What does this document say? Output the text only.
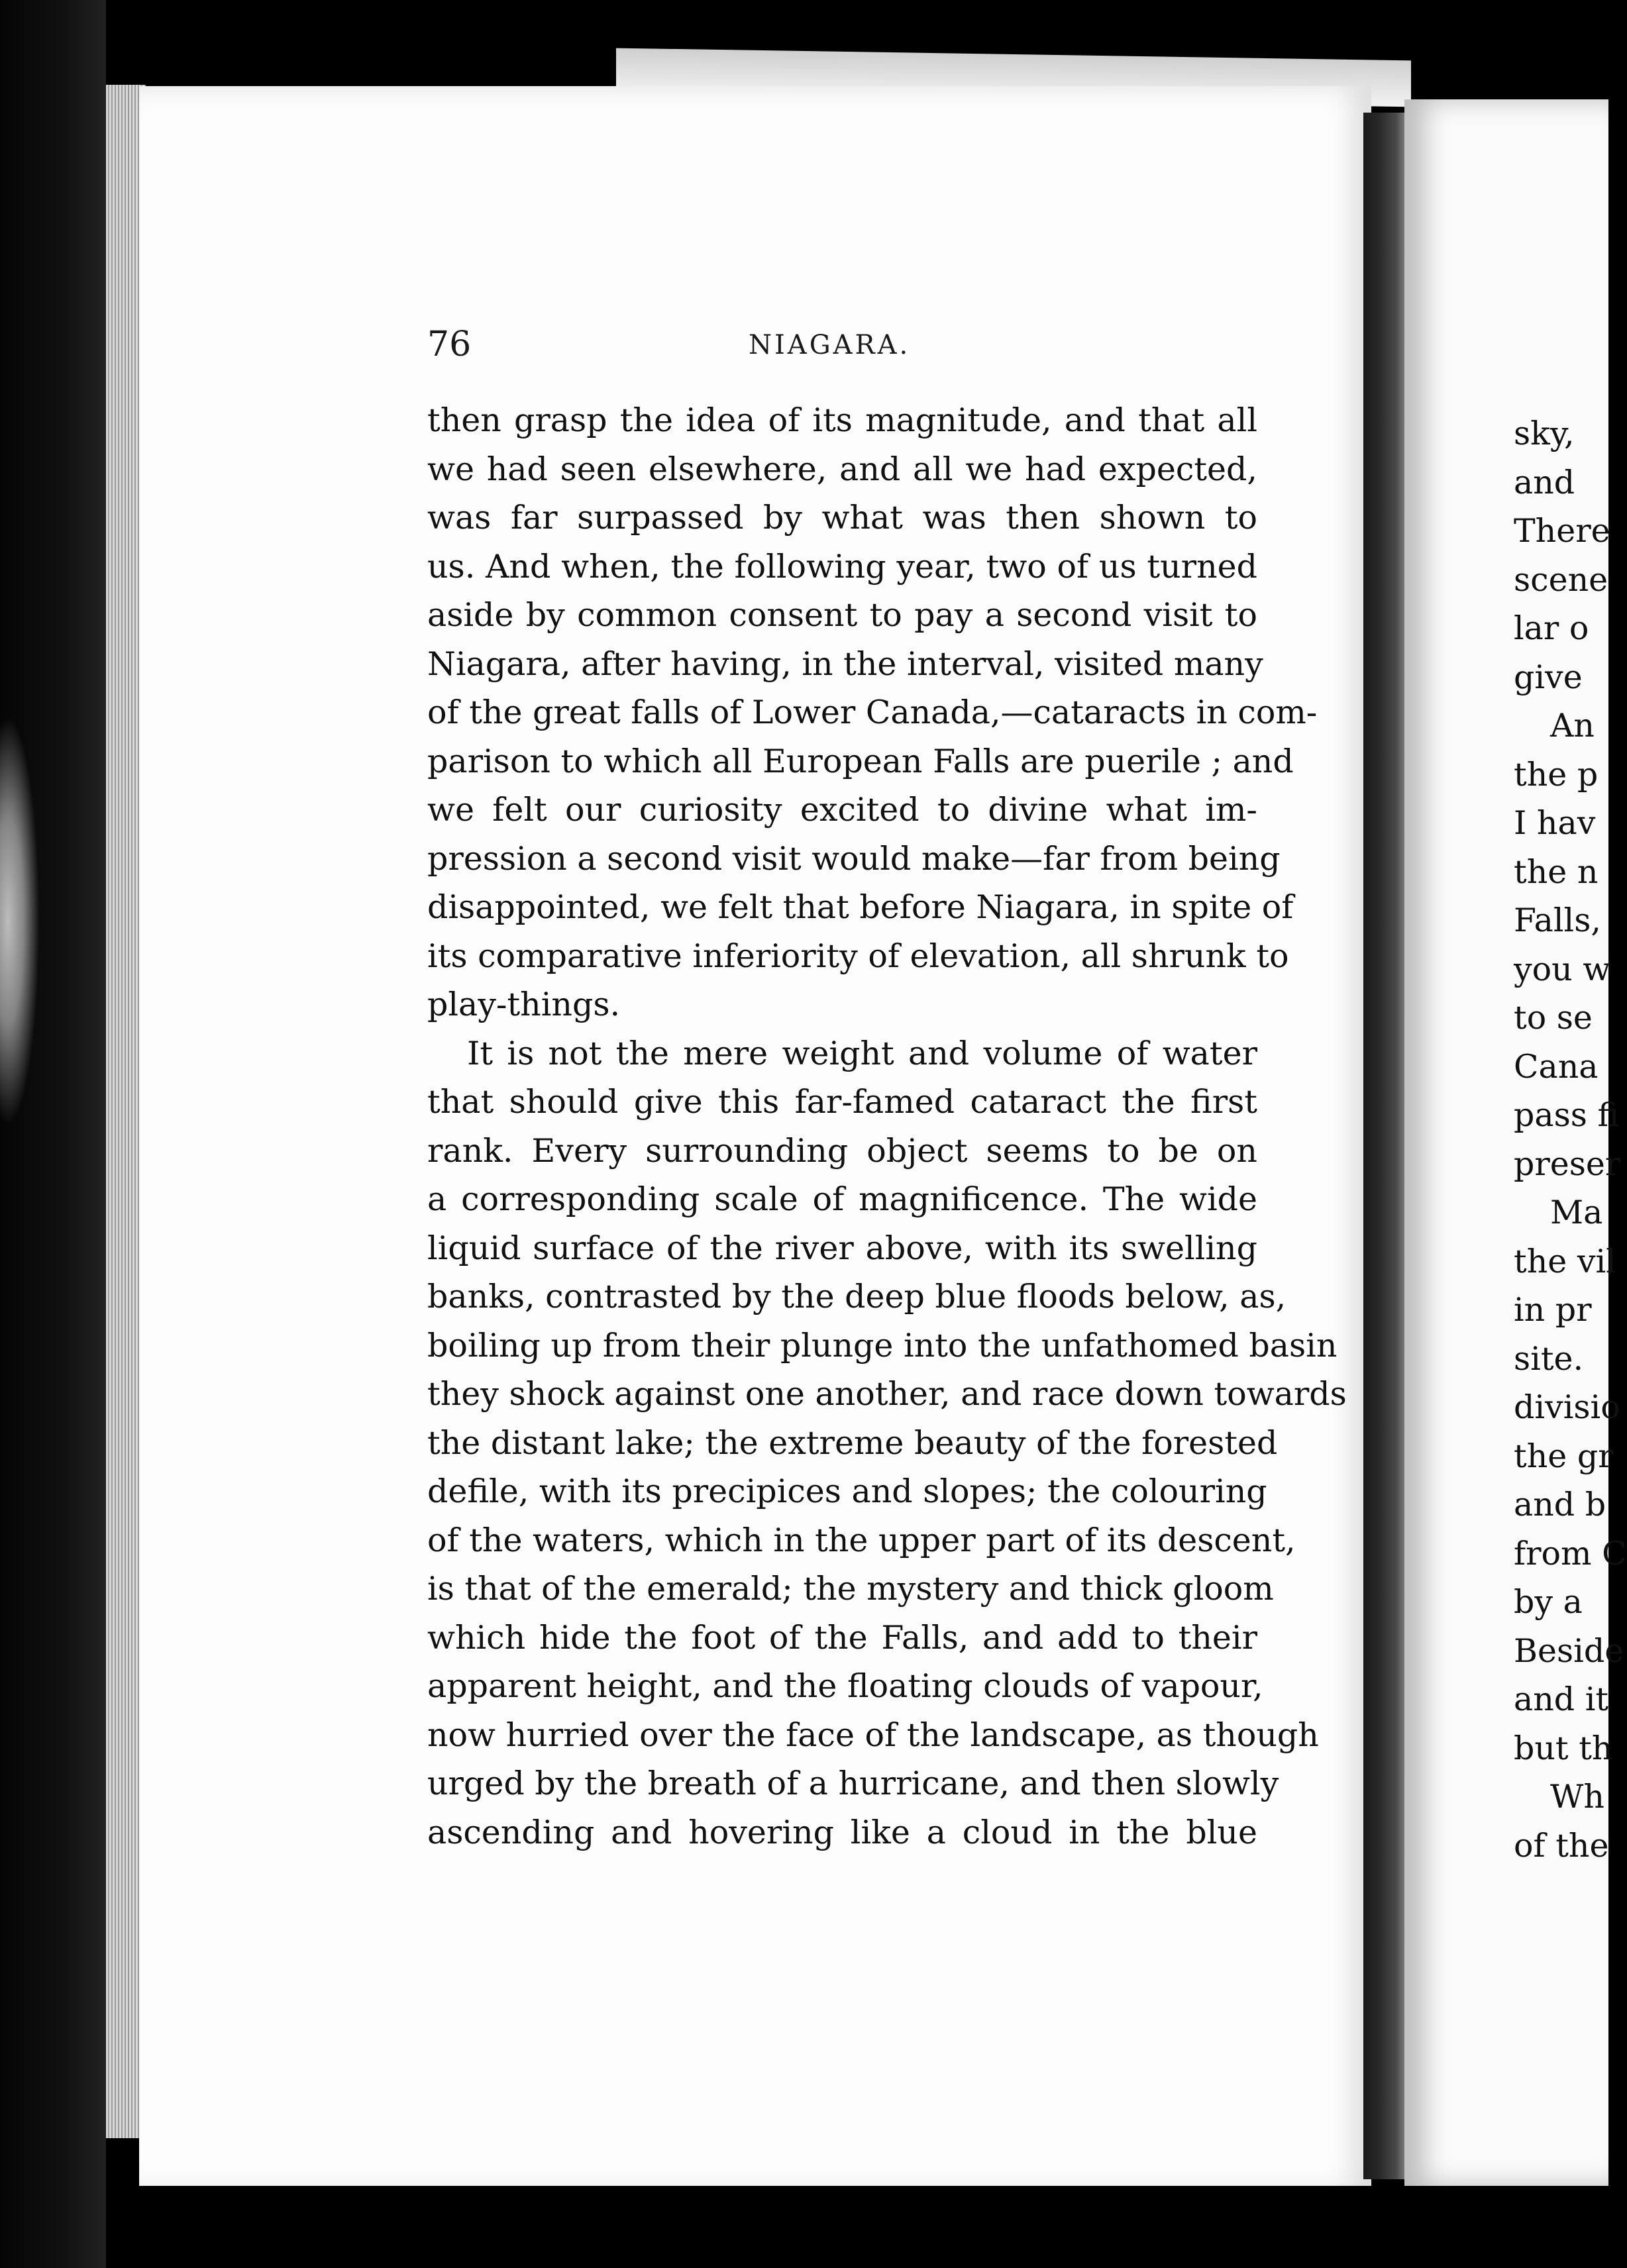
76	NIAGARA.
then grasp the idea of its magnitude, and that all
we had seen elsewhere, and all we had expected,
was far surpassed by what was then shown to
us. And when, the following year, two of us turned
aside by common consent to pay a second visit to
Niagara, after having, in the interval, visited many
of the great falls of Lower Canada,—cataracts in com-
parison to which all European Falls are puerile ; and
we felt our curiosity excited to divine what im-
pression a second visit would make—far from being
disappointed, we felt that before Niagara, in spite of
its comparative inferiority of elevation, all shrunk to
play-things.
It is not the mere weight and volume of water
that should give this far-famed cataract the first
rank. Every surrounding object seems to be on
a corresponding scale of magnificence. The wide
liquid surface of the river above, with its swelling
banks, contrasted by the deep blue floods below, as,
boiling up from their plunge into the unfathomed basin
they shock against one another, and race down towards
the distant lake; the extreme beauty of the forested
defile, with its precipices and slopes; the colouring
of the waters, which in the upper part of its descent,
is that of the emerald; the mystery and thick gloom
which hide the foot of the Falls, and add to their
apparent height, and the floating clouds of vapour,
now hurried over the face of the landscape, as though
urged by the breath of a hurricane, and then slowly
ascending and hovering like a cloud in the blue
sky,
and
There
scene
lar o
give
An
the p
I hav
the n
Falls,
you w
to se
Cana
pass fi
preser
Ma
the vil
in pr
site.
divisio
the gr
and b
from C
by a
Beside
and it
but th
Wh
of the
